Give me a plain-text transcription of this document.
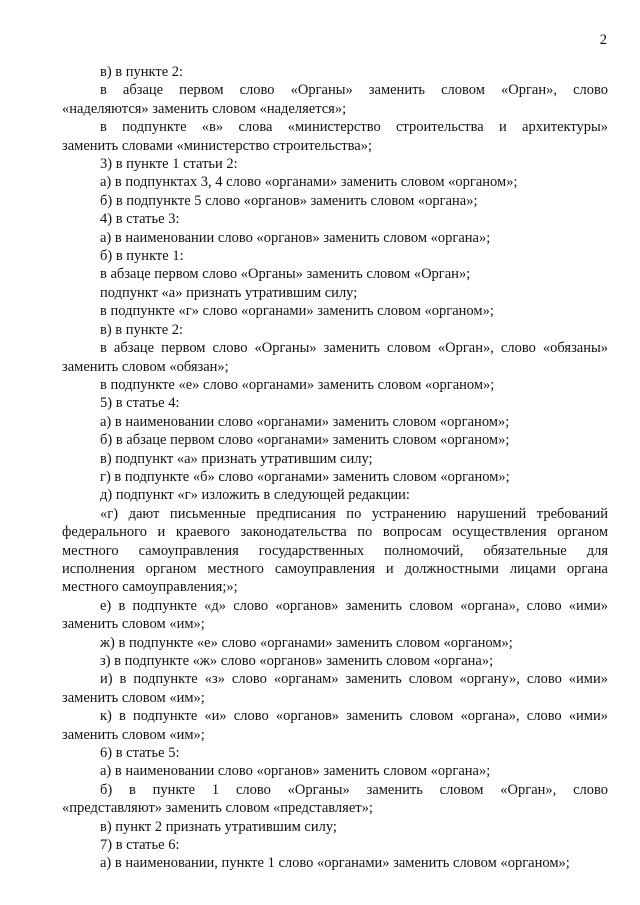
2
в) в пункте 2:
в абзаце первом слово «Органы» заменить словом «Орган», слово
«наделяются» заменить словом «наделяется»;
в подпункте «в» слова «министерство строительства и архитектуры»
заменить словами «министерство строительства»;
3) в пункте 1 статьи 2:
а) в подпунктах 3, 4 слово «органами» заменить словом «органом»;
б) в подпункте 5 слово «органов» заменить словом «органа»;
4) в статье 3:
а) в наименовании слово «органов» заменить словом «органа»;
б) в пункте 1:
в абзаце первом слово «Органы» заменить словом «Орган»;
подпункт «а» признать утратившим силу;
в подпункте «г» слово «органами» заменить словом «органом»;
в) в пункте 2:
в абзаце первом слово «Органы» заменить словом «Орган», слово «обязаны»
заменить словом «обязан»;
в подпункте «е» слово «органами» заменить словом «органом»;
5) в статье 4:
а) в наименовании слово «органами» заменить словом «органом»;
б) в абзаце первом слово «органами» заменить словом «органом»;
в) подпункт «а» признать утратившим силу;
г) в подпункте «б» слово «органами» заменить словом «органом»;
д) подпункт «г» изложить в следующей редакции:
«г) дают письменные предписания по устранению нарушений требований
федерального и краевого законодательства по вопросам осуществления органом
местного самоуправления государственных полномочий, обязательные для
исполнения органом местного самоуправления и должностными лицами органа
местного самоуправления;»;
е) в подпункте «д» слово «органов» заменить словом «органа», слово «ими»
заменить словом «им»;
ж) в подпункте «е» слово «органами» заменить словом «органом»;
з) в подпункте «ж» слово «органов» заменить словом «органа»;
и) в подпункте «з» слово «органам» заменить словом «органу», слово «ими»
заменить словом «им»;
к) в подпункте «и» слово «органов» заменить словом «органа», слово «ими»
заменить словом «им»;
6) в статье 5:
а) в наименовании слово «органов» заменить словом «органа»;
б) в пункте 1 слово «Органы» заменить словом «Орган», слово
«представляют» заменить словом «представляет»;
в) пункт 2 признать утратившим силу;
7) в статье 6:
а) в наименовании, пункте 1 слово «органами» заменить словом «органом»;
